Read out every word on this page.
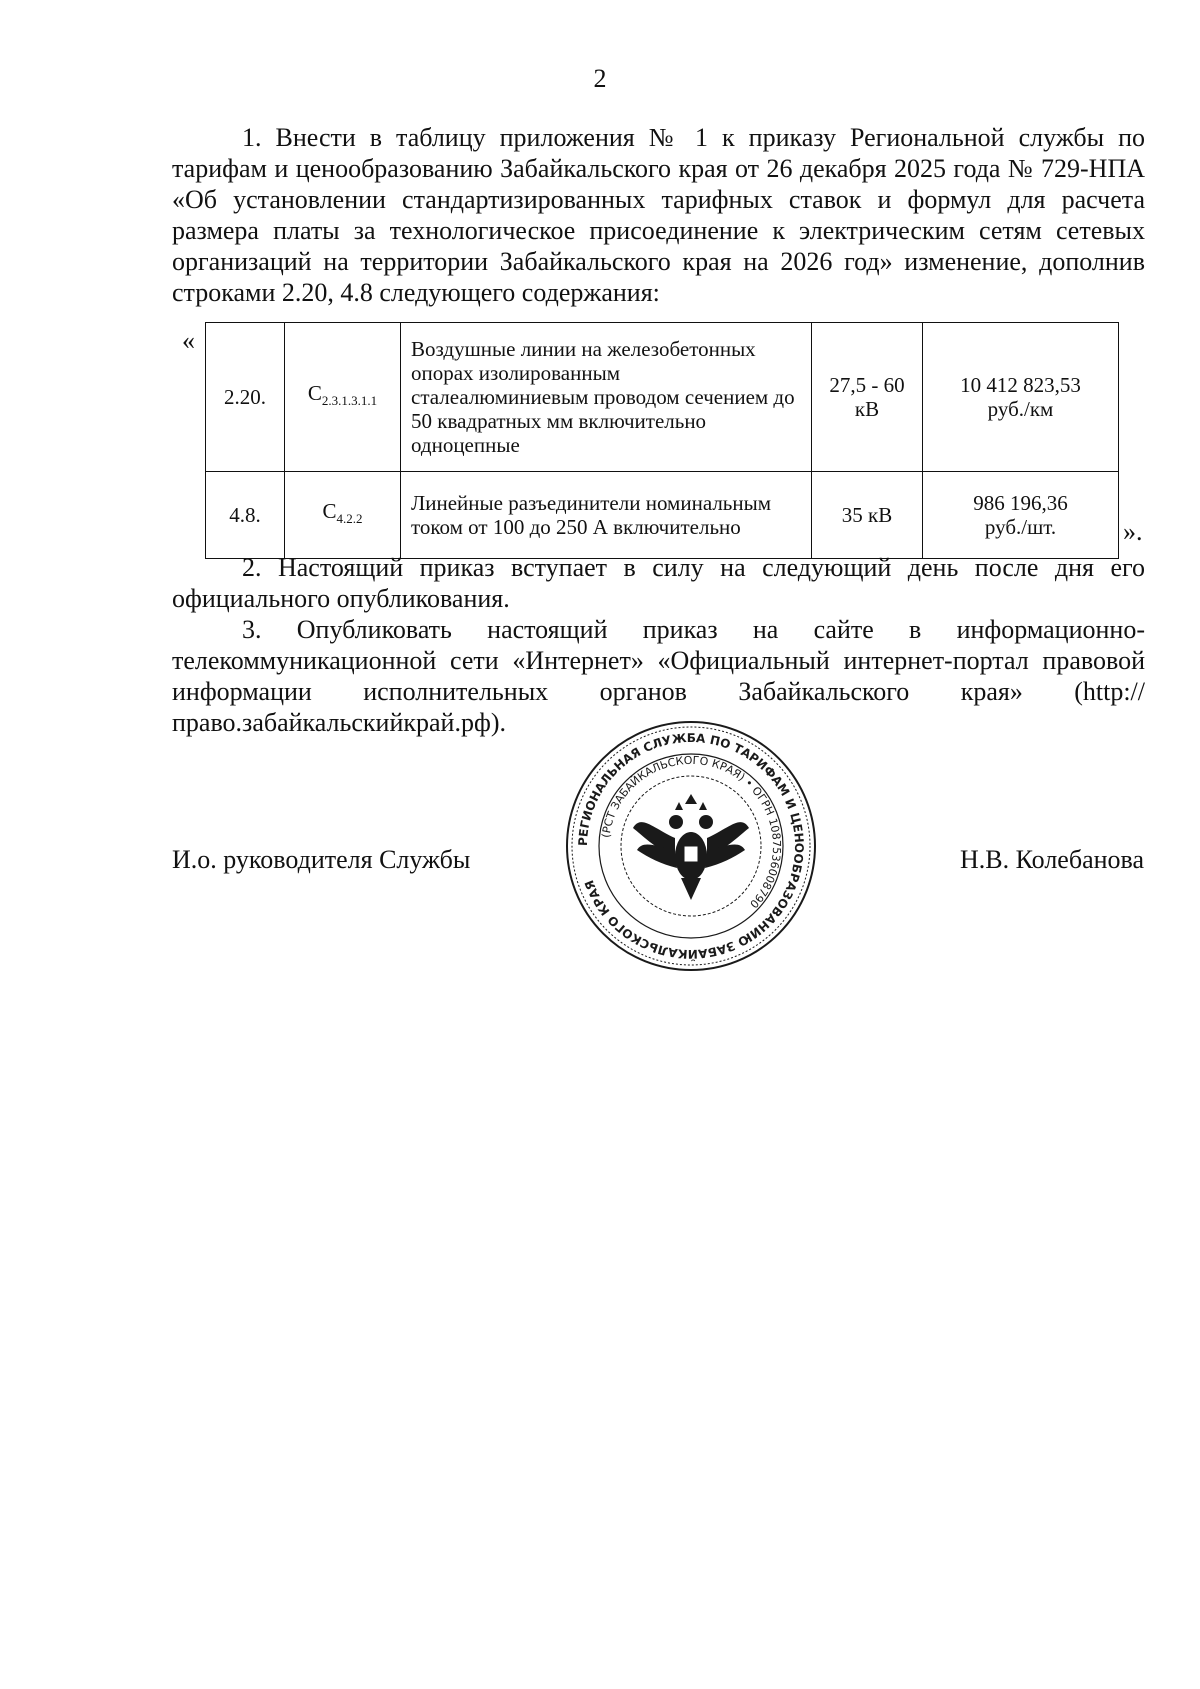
2

1. Внести в таблицу приложения № 1 к приказу Региональной службы по тарифам и ценообразованию Забайкальского края от 26 декабря 2025 года № 729-НПА «Об установлении стандартизированных тарифных ставок и формул для расчета размера платы за технологическое присоединение к электрическим сетям сетевых организаций на территории Забайкальского края на 2026 год» изменение, дополнив строками 2.20, 4.8 следующего содержания:

«
2.20.	$C_{2.3.1.3.1.1}$	Воздушные линии на железобетонных опорах изолированным сталеалюминиевым проводом сечением до 50 квадратных мм включительно одноцепные	27,5 - 60 кВ	10 412 823,53
руб./км

4.8.	$C_{4.2.2}$	Линейные разъединители номинальным током от 100 до 250 А включительно	35 кВ	986 196,36
руб./шт.	».

2. Настоящий приказ вступает в силу на следующий день после дня его официального опубликования.

3. Опубликовать настоящий приказ на сайте в информационно-телекоммуникационной сети «Интернет» «Официальный интернет-портал правовой информации исполнительных органов Забайкальского края» (http://право.забайкальскийкрай.рф).

И.о. руководителя Службы	Н.В. Колебанова
РЕГИОНАЛЬНАЯ СЛУЖБА ПО ТАРИФАМ И ЦЕНООБРАЗОВАНИЮ ЗАБАЙКАЛЬСКОГО КРАЯ
(РСТ ЗАБАЙКАЛЬСКОГО КРАЯ) • ОГРН 1087536008790
